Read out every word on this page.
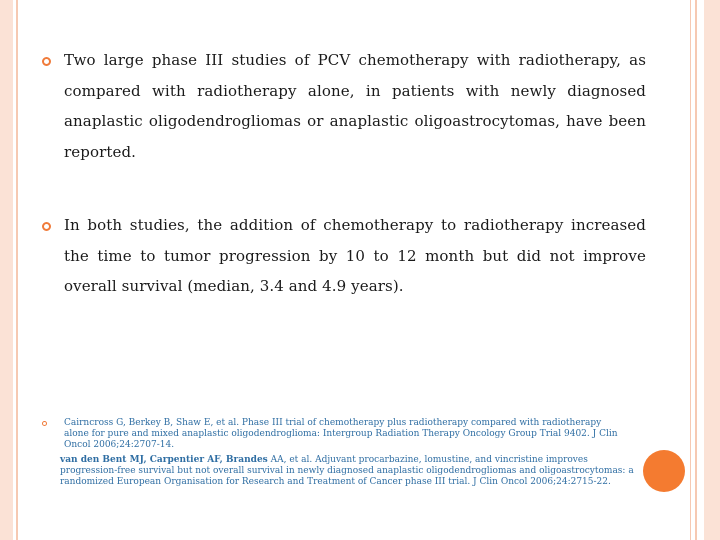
Two large phase III studies of PCV chemotherapy with radiotherapy, as compared with radiotherapy alone, in patients with newly diagnosed anaplastic oligodendrogliomas or anaplastic oligoastrocytomas, have been reported.

In both studies, the addition of chemotherapy to radiotherapy increased the time to tumor progression by 10 to 12 month but did not improve overall survival (median, 3.4 and 4.9 years).

Cairncross G, Berkey B, Shaw E, et al. Phase III trial of chemotherapy plus radiotherapy compared with radiotherapy alone for pure and mixed anaplastic oligodendroglioma: Intergroup Radiation Therapy Oncology Group Trial 9402. J Clin Oncol 2006;24:2707-14.
van den Bent MJ, Carpentier AF, Brandes AA, et al. Adjuvant procarbazine, lomustine, and vincristine improves progression-free survival but not overall survival in newly diagnosed anaplastic oligodendrogliomas and oligoastrocytomas: a randomized European Organisation for Research and Treatment of Cancer phase III trial. J Clin Oncol 2006;24:2715-22.
